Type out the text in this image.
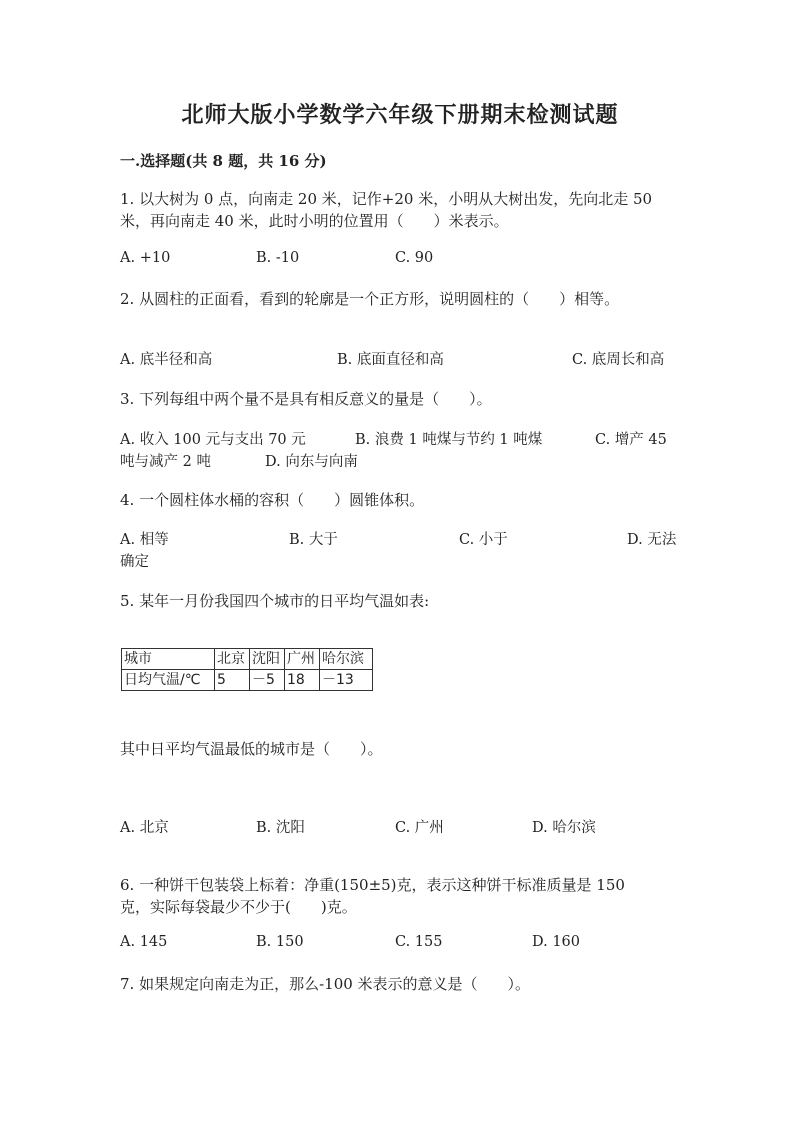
北师大版小学数学六年级下册期末检测试题
一.选择题(共 8 题，共 16 分)
1. 以大树为 0 点，向南走 20 米，记作+20 米，小明从大树出发，先向北走 50
米，再向南走 40 米，此时小明的位置用（　　）米表示。
A. +10	B. -10	C. 90
2. 从圆柱的正面看，看到的轮廓是一个正方形，说明圆柱的（　　）相等。
A. 底半径和高	B. 底面直径和高	C. 底周长和高
3. 下列每组中两个量不是具有相反意义的量是（　　）。
A. 收入 100 元与支出 70 元	B. 浪费 1 吨煤与节约 1 吨煤	C. 增产 45
吨与减产 2 吨	D. 向东与向南
4. 一个圆柱体水桶的容积（　　）圆锥体积。
A. 相等	B. 大于	C. 小于	D. 无法
确定
5. 某年一月份我国四个城市的日平均气温如表:
城市	北京	沈阳	广州	哈尔滨
日均气温/℃	5	－5	18	－13
其中日平均气温最低的城市是（　　）。
A. 北京	B. 沈阳	C. 广州	D. 哈尔滨
6. 一种饼干包装袋上标着：净重(150±5)克，表示这种饼干标准质量是 150
克，实际每袋最少不少于(　　)克。
A. 145	B. 150	C. 155	D. 160
7. 如果规定向南走为正，那么-100 米表示的意义是（　　）。
